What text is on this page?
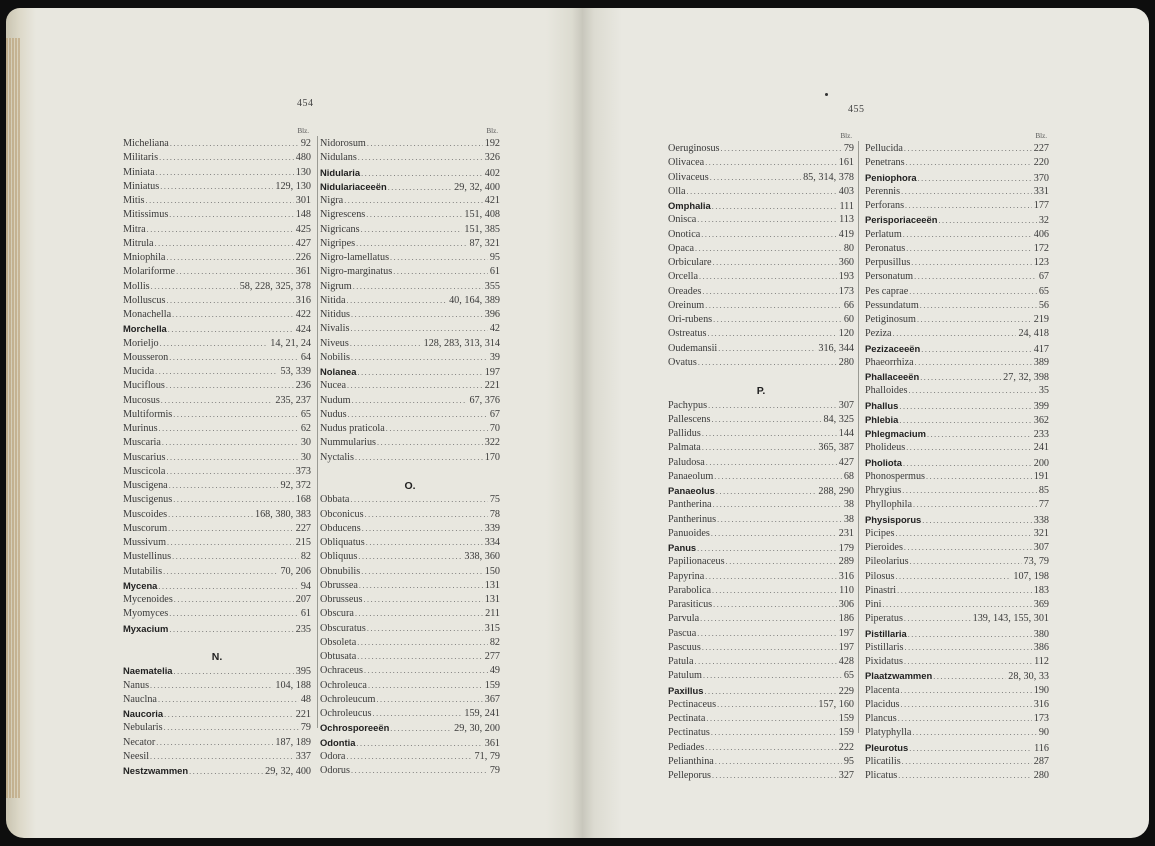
454
Blz.
Micheliana .....	92
Militaris .....	480
Miniata .....	130
Miniatus .....	129, 130
Mitis .....	301
Mitissimus .....	148
Mitra .....	425
Mitrula .....	427
Mniophila .....	226
Molariforme .....	361
Mollis .....	58, 228, 325, 378
Molluscus .....	316
Monachella .....	422
Morchella .....	424
Morieljo .....	14, 21, 24
Mousseron .....	64
Mucida .....	53, 339
Muciflous .....	236
Mucosus .....	235, 237
Multiformis .....	65
Murinus .....	62
Muscaria .....	30
Muscarius .....	30
Muscicola .....	373
Muscigena .....	92, 372
Muscigenus .....	168
Muscoides .....	168, 380, 383
Muscorum .....	227
Mussivum .....	215
Mustellinus .....	82
Mutabilis .....	70, 206
Mycena .....	94
Mycenoides .....	207
Myomyces .....	61
Myxacium .....	235
N.
Naematelia .....	395
Nanus .....	104, 188
Nauclna .....	48
Naucoria .....	221
Nebularis .....	79
Necator .....	187, 189
Neesil .....	337
Nestzwammen .....	29, 32, 400
Blz.
Nidorosum .....	192
Nidulans .....	326
Nidularia .....	402
Nidulariaceeën .....	29, 32, 400
Nigra .....	421
Nigrescens .....	151, 408
Nigricans .....	151, 385
Nigripes .....	87, 321
Nigro-lamellatus .....	95
Nigro-marginatus .....	61
Nigrum .....	355
Nitida .....	40, 164, 389
Nitidus .....	396
Nivalis .....	42
Niveus .....	128, 283, 313, 314
Nobilis .....	39
Nolanea .....	197
Nucea .....	221
Nudum .....	67, 376
Nudus .....	67
Nudus praticola .....	70
Nummularius .....	322
Nyctalis .....	170
O.
Obbata .....	75
Obconicus .....	78
Obducens .....	339
Obliquatus .....	334
Obliquus .....	338, 360
Obnubilis .....	150
Obrussea .....	131
Obrusseus .....	131
Obscura .....	211
Obscuratus .....	315
Obsoleta .....	82
Obtusata .....	277
Ochraceus .....	49
Ochroleuca .....	159
Ochroleucum .....	367
Ochroleucus .....	159, 241
Ochrosporeeën .....	29, 30, 200
Odontia .....	361
Odora .....	71, 79
Odorus .....	79
455
Blz.
Oeruginosus .....	79
Olivacea .....	161
Olivaceus .....	85, 314, 378
Olla .....	403
Omphalia .....	111
Onisca .....	113
Onotica .....	419
Opaca .....	80
Orbiculare .....	360
Orcella .....	193
Oreades .....	173
Oreinum .....	66
Ori-rubens .....	60
Ostreatus .....	120
Oudemansii .....	316, 344
Ovatus .....	280
P.
Pachypus .....	307
Pallescens .....	84, 325
Pallidus .....	144
Palmata .....	365, 387
Paludosa .....	427
Panaeolum .....	68
Panaeolus .....	288, 290
Pantherina .....	38
Pantherinus .....	38
Panuoides .....	231
Panus .....	179
Papilionaceus .....	289
Papyrina .....	316
Parabolica .....	110
Parasiticus .....	306
Parvula .....	186
Pascua .....	197
Pascuus .....	197
Patula .....	428
Patulum .....	65
Paxillus .....	229
Pectinaceus .....	157, 160
Pectinata .....	159
Pectinatus .....	159
Pediades .....	222
Pelianthina .....	95
Pelleporus .....	327
Blz.
Pellucida .....	227
Penetrans .....	220
Peniophora .....	370
Perennis .....	331
Perforans .....	177
Perisporiaceeën .....	32
Perlatum .....	406
Peronatus .....	172
Perpusillus .....	123
Personatum .....	67
Pes caprae .....	65
Pessundatum .....	56
Petiginosum .....	219
Peziza .....	24, 418
Pezizaceeën .....	417
Phaeorrhiza .....	389
Phallaceeën .....	27, 32, 398
Phalloides .....	35
Phallus .....	399
Phlebia .....	362
Phlegmacium .....	233
Pholideus .....	241
Pholiota .....	200
Phonospermus .....	191
Phrygius .....	85
Phyllophila .....	77
Physisporus .....	338
Picipes .....	321
Pieroides .....	307
Pileolarius .....	73, 79
Pilosus .....	107, 198
Pinastri .....	183
Pini .....	369
Piperatus .....	139, 143, 155, 301
Pistillaria .....	380
Pistillaris .....	386
Pixidatus .....	112
Plaatzwammen .....	28, 30, 33
Placenta .....	190
Placidus .....	316
Plancus .....	173
Platyphylla .....	90
Pleurotus .....	116
Plicatilis .....	287
Plicatus .....	280
